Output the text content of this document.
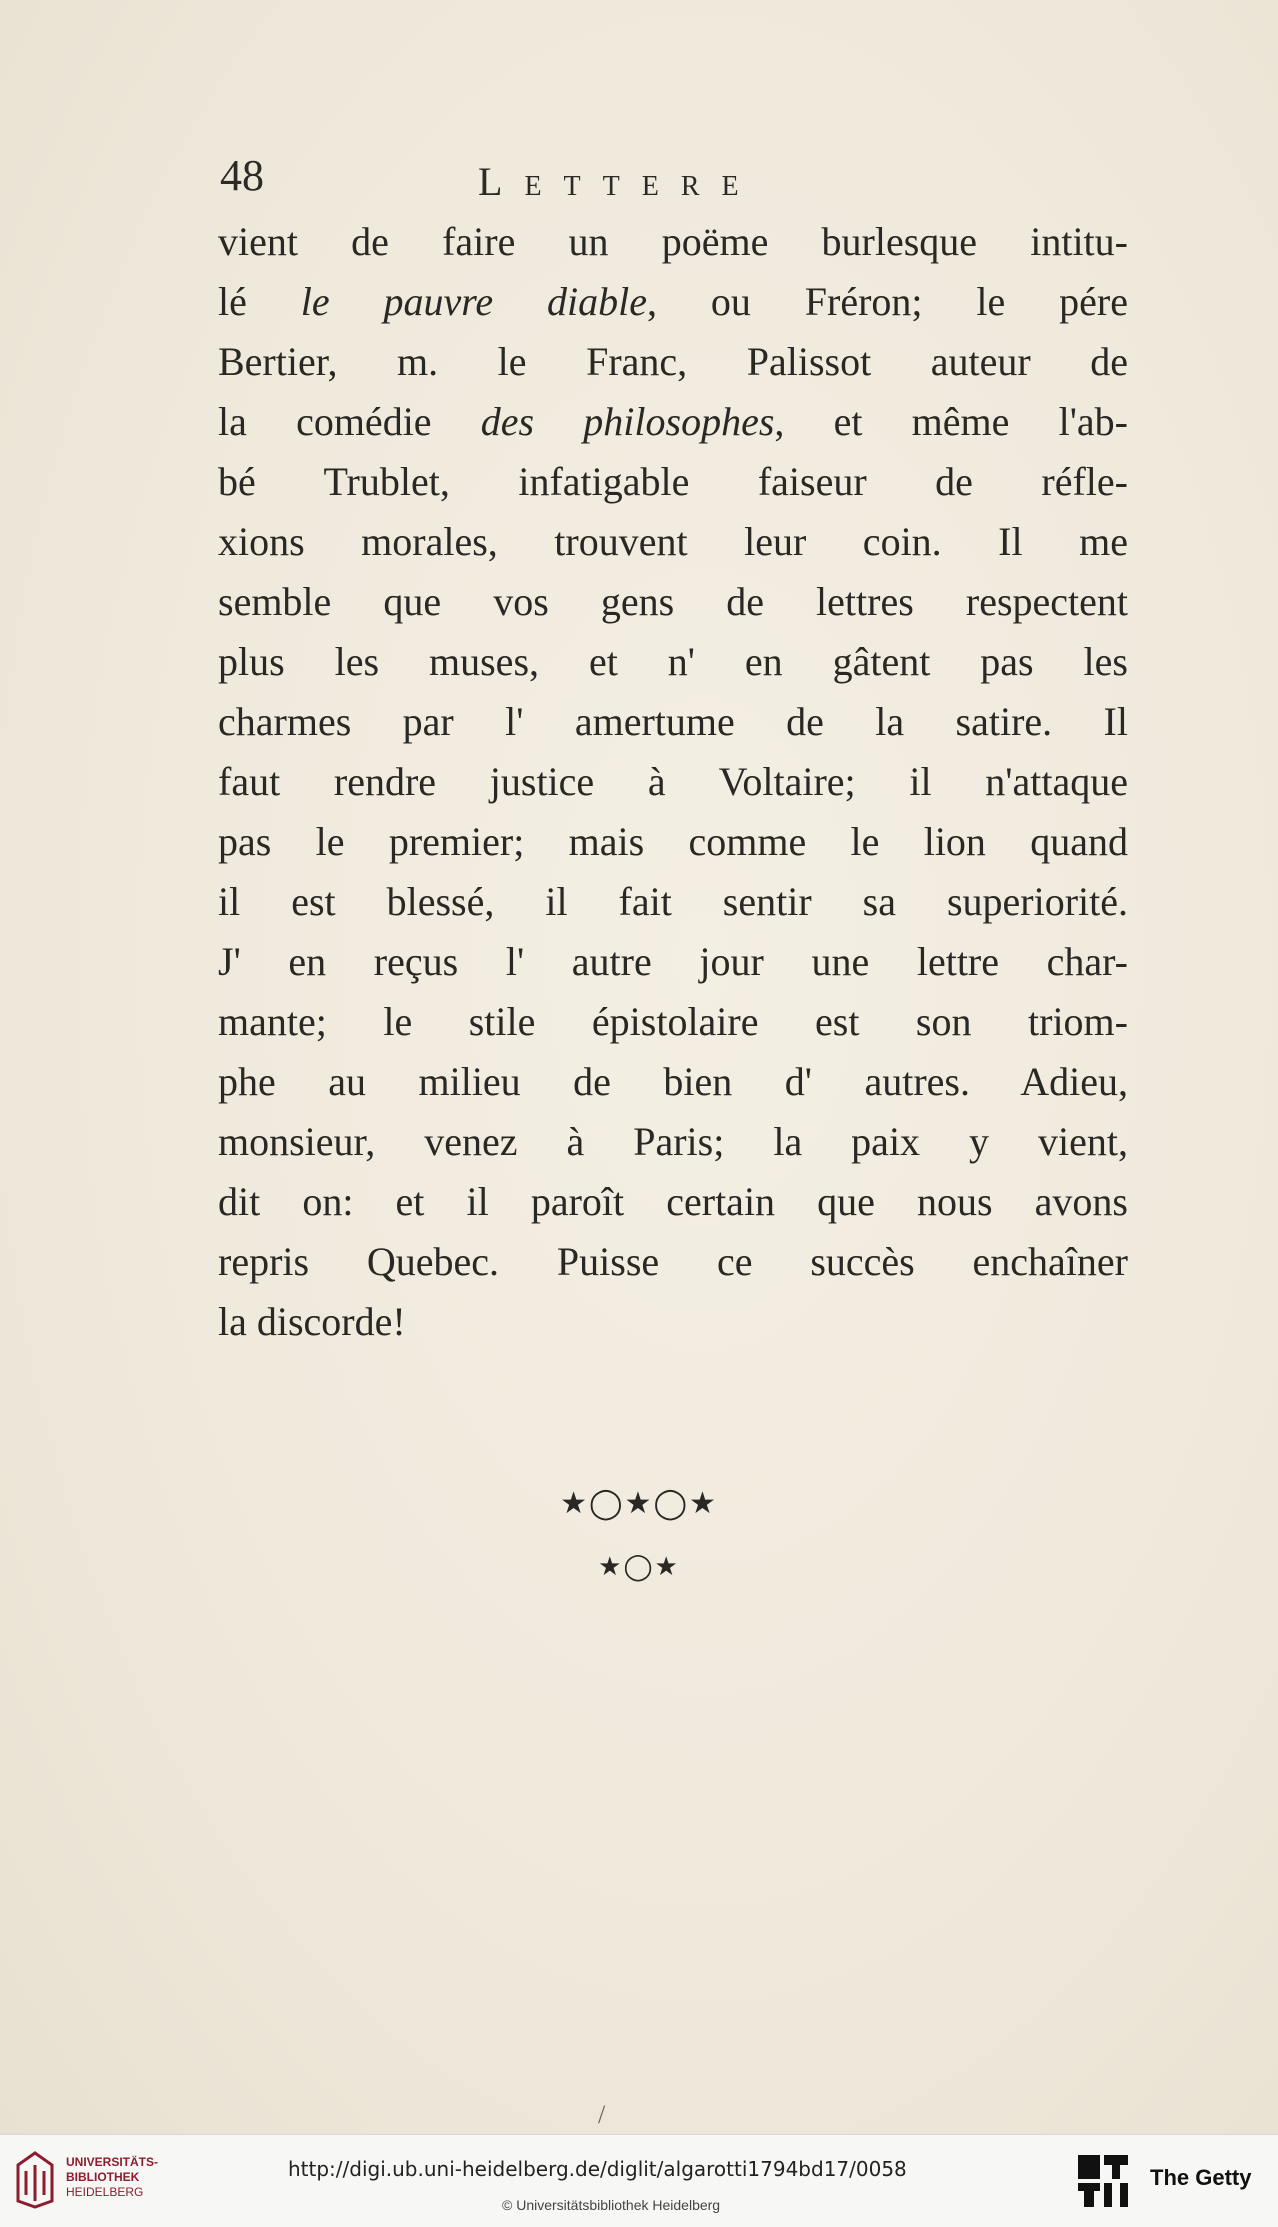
48	LETTERE
vient de faire un poëme burlesque intitu-
lé le pauvre diable, ou Fréron; le pére
Bertier, m. le Franc, Palissot auteur de
la comédie des philosophes, et même l'ab-
bé Trublet, infatigable faiseur de réfle-
xions morales, trouvent leur coin. Il me
semble que vos gens de lettres respectent
plus les muses, et n' en gâtent pas les
charmes par l' amertume de la satire. Il
faut rendre justice à Voltaire; il n'attaque
pas le premier; mais comme le lion quand
il est blessé, il fait sentir sa superiorité.
J' en reçus l' autre jour une lettre char-
mante; le stile épistolaire est son triom-
phe au milieu de bien d' autres. Adieu,
monsieur, venez à Paris; la paix y vient,
dit on: et il paroît certain que nous avons
repris Quebec. Puisse ce succès enchaîner
la discorde!
★◯★◯★
★◯★
/
UNIVERSITÄTS-
BIBLIOTHEK
HEIDELBERG
http://digi.ub.uni-heidelberg.de/diglit/algarotti1794bd17/0058
© Universitätsbibliothek Heidelberg
The Getty
